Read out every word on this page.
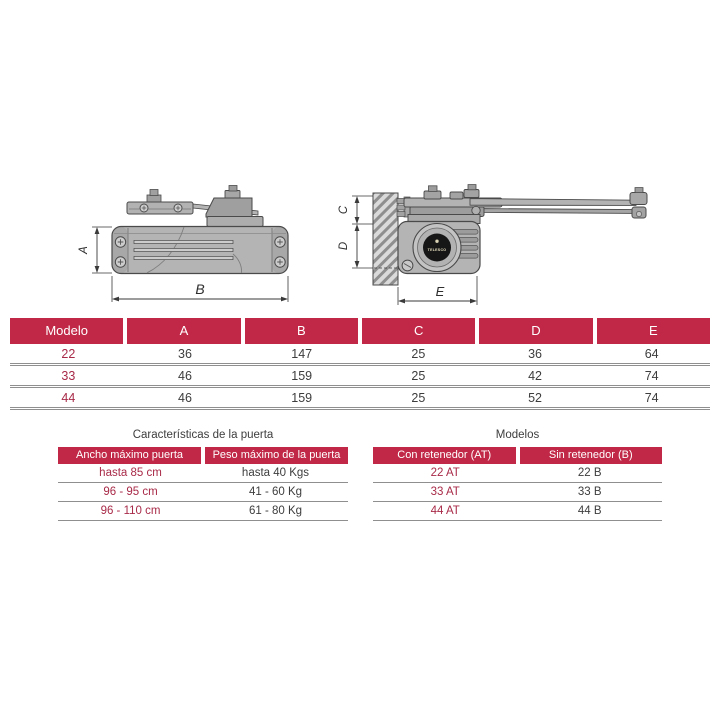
A
B
TELESCO
C
D
E
Modelo	A	B	C	D	E
22	36	147	25	36	64
33	46	159	25	42	74
44	46	159	25	52	74
Características de la puerta
Ancho máximo puerta	Peso máximo de la puerta
hasta 85 cm	hasta 40 Kgs
96 - 95 cm	41 - 60 Kg
96 - 110 cm	61 - 80 Kg
Modelos
Con retenedor (AT)	Sin retenedor (B)
22 AT	22 B
33 AT	33 B
44 AT	44 B
